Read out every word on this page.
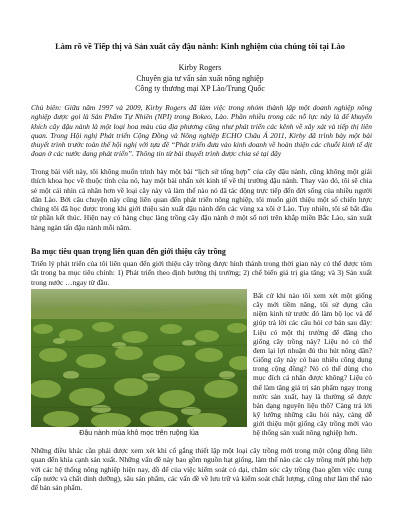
Làm rõ về Tiếp thị và Sản xuất cây đậu nành: Kinh nghiệm của chúng tôi tại Lào
Kirby Rogers
Chuyên gia tư vấn sản xuất nông nghiệp
Công ty thương mại XP Lào/Trung Quốc
Chủ biên: Giữa năm 1997 và 2009, Kirby Rogers đã làm việc trong nhóm thành lập một doanh nghiệp nông nghiệp được gọi là Sản Phẩm Tự Nhiên (NPI) trong Bokeo, Lào. Phần nhiều trong các nỗ lực này là để khuyến khích cây đậu nành là một loại hoa màu của địa phương cũng như phát triển các kênh về xây xát và tiếp thị liên quan. Trong Hội nghị Phát triển Cộng Đồng và Nông nghiệp ECHO Châu Á 2011, Kirby đã trình bày một bài thuyết trình trước toàn thể hội nghị với tựa đề “Phát triển đưa vào kinh doanh về hoàn thiện các chuỗi kinh tế dịt đoan ở các nước đang phát triển”. Thông tin từ bài thuyết trình được chia sẻ tại đây
Trong bài viết này, tôi không muốn trình bày một bài “lịch sử tổng hợp” của cây đậu nành, cũng không một giải thích khoa học về thuộc tính của nó, hay một bài nhấn xét kinh tế về thị trường đậu nành. Thay vào đó, tôi sẽ chia sẻ một cái nhìn cá nhân hơn về loại cây này và làm thế nào nó đã tác động trực tiếp đến đời sống của nhiều người dân Lào. Bởi câu chuyện này cũng liên quan đến phát triển nông nghiệp, tôi muốn giới thiệu một số chiến lược chúng tôi đã học được trong khi giới thiệu sản xuất đậu nành đến các vùng xa xôi ở Lào. Tuy nhiên, tôi sẽ bắt đầu từ phần kết thúc. Hiện nay có hàng chục làng trồng cây đậu nành ở một số nơi trên khắp miền Bắc Lào, sản xuất hàng ngàn tấn đậu nành mỗi năm.
Ba mục tiêu quan trọng liên quan đến giới thiệu cây trồng
Triển lý phát triển của tôi liên quan đến giới thiệu cây trồng được hình thành trong thời gian này có thể được tóm tắt trong ba mục tiêu chính: 1) Phát triển theo định hướng thị trường; 2) chế biến giá trị gia tăng; và 3) Sản xuất trong nước …ngay từ đầu.
Đậu nành mùa khô mọc trên ruộng lúa
Bất cứ khi nào tôi xem xét một giống cây mới tiềm năng, tôi sử dụng câu niệm kinh tử trước đó làm bộ lọc và để giúp trả lời các câu hỏi cơ bản sau đây: Liệu có một thị trường để đăng cho giống cây trồng này? Liệu nó có thể đem lại lợi nhuận đủ thu hút nông dân? Giống cây này có bao nhiêu công dụng trong cộng đồng? Nó có thể dùng cho mục đích cá nhân được không? Liệu có thể làm tăng giá trị sản phẩm ngay trong nước sản xuất, hay là thường sẽ được bán dạng nguyên liệu thô? Càng trả lời kỹ lưỡng những câu hỏi này, càng dễ giới thiệu một giống cây trồng mới vào hệ thống sản xuất nông nghiệp hơn.
Những điều khác cần phải được xem xét khi cố gắng thiết lập một loại cây trồng mới trong một cộng đồng liên quan đến khía cạnh sản xuất. Những vấn đề này bao gồm nguồn hạt giống, làm thế nào các cây trồng mới phù hợp với các hệ thống nông nghiệp hiện nay, đồ để của việc kiểm soát cỏ dại, chăm sóc cây trồng (bao gồm việc cung cấp nước và chất dinh dưỡng), sâu sản phẩm, các vấn đề về lưu trữ và kiểm soát chất lượng, cũng như làm thế nào để bán sản phẩm.
